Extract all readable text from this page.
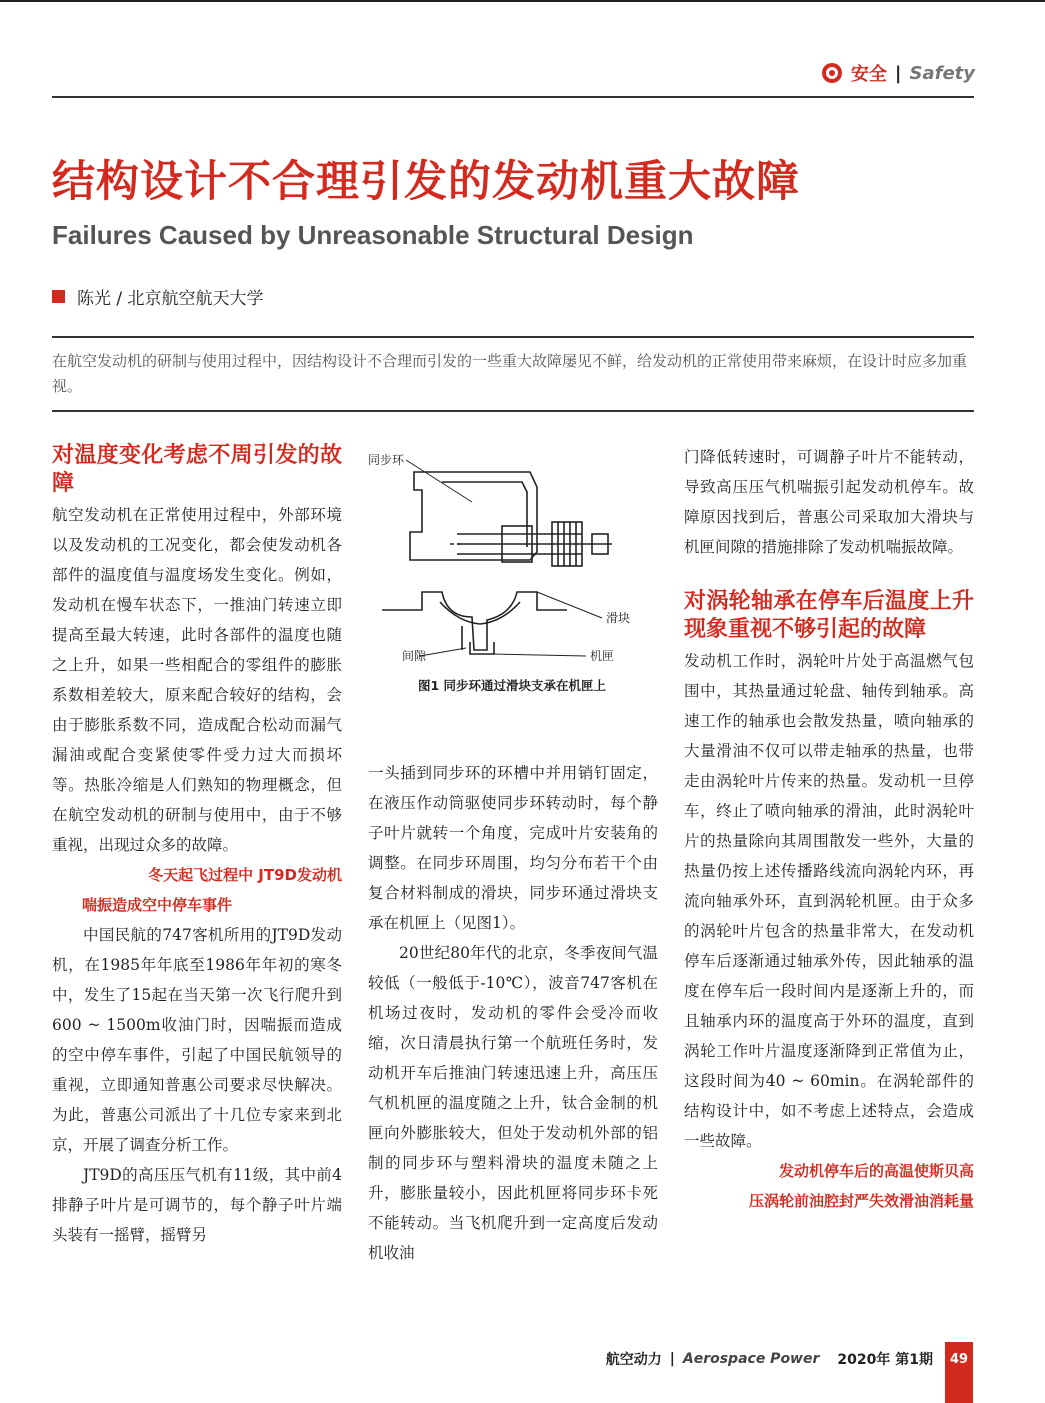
安全 | Safety
结构设计不合理引发的发动机重大故障
Failures Caused by Unreasonable Structural Design
陈光 / 北京航空航天大学

在航空发动机的研制与使用过程中，因结构设计不合理而引发的一些重大故障屡见不鲜，给发动机的正常使用带来麻烦，在设计时应多加重视。

对温度变化考虑不周引发的故障

航空发动机在正常使用过程中，外部环境以及发动机的工况变化，都会使发动机各部件的温度值与温度场发生变化。例如，发动机在慢车状态下，一推油门转速立即提高至最大转速，此时各部件的温度也随之上升，如果一些相配合的零组件的膨胀系数相差较大，原来配合较好的结构，会由于膨胀系数不同，造成配合松动而漏气漏油或配合变紧使零件受力过大而损坏等。热胀冷缩是人们熟知的物理概念，但在航空发动机的研制与使用中，由于不够重视，出现过众多的故障。

冬天起飞过程中 JT9D发动机

喘振造成空中停车事件

中国民航的747客机所用的JT9D发动机，在1985年年底至1986年年初的寒冬中，发生了15起在当天第一次飞行爬升到600 ~ 1500m收油门时，因喘振而造成的空中停车事件，引起了中国民航领导的重视，立即通知普惠公司要求尽快解决。为此，普惠公司派出了十几位专家来到北京，开展了调查分析工作。

JT9D的高压压气机有11级，其中前4排静子叶片是可调节的，每个静子叶片端头装有一摇臂，摇臂另

同步环
滑块
间隙	机匣

图1 同步环通过滑块支承在机匣上

一头插到同步环的环槽中并用销钉固定，在液压作动筒驱使同步环转动时，每个静子叶片就转一个角度，完成叶片安装角的调整。在同步环周围，均匀分布若干个由复合材料制成的滑块，同步环通过滑块支承在机匣上（见图1）。

20世纪80年代的北京，冬季夜间气温较低（一般低于-10℃），波音747客机在机场过夜时，发动机的零件会受冷而收缩，次日清晨执行第一个航班任务时，发动机开车后推油门转速迅速上升，高压压气机机匣的温度随之上升，钛合金制的机匣向外膨胀较大，但处于发动机外部的铝制的同步环与塑料滑块的温度未随之上升，膨胀量较小，因此机匣将同步环卡死不能转动。当飞机爬升到一定高度后发动机收油

门降低转速时，可调静子叶片不能转动，导致高压压气机喘振引起发动机停车。故障原因找到后，普惠公司采取加大滑块与机匣间隙的措施排除了发动机喘振故障。

对涡轮轴承在停车后温度上升现象重视不够引起的故障

发动机工作时，涡轮叶片处于高温燃气包围中，其热量通过轮盘、轴传到轴承。高速工作的轴承也会散发热量，喷向轴承的大量滑油不仅可以带走轴承的热量，也带走由涡轮叶片传来的热量。发动机一旦停车，终止了喷向轴承的滑油，此时涡轮叶片的热量除向其周围散发一些外，大量的热量仍按上述传播路线流向涡轮内环，再流向轴承外环，直到涡轮机匣。由于众多的涡轮叶片包含的热量非常大，在发动机停车后逐渐通过轴承外传，因此轴承的温度在停车后一段时间内是逐渐上升的，而且轴承内环的温度高于外环的温度，直到涡轮工作叶片温度逐渐降到正常值为止，这段时间为40 ~ 60min。在涡轮部件的结构设计中，如不考虑上述特点，会造成一些故障。

发动机停车后的高温使斯贝高

压涡轮前油腔封严失效滑油消耗量

航空动力 | Aerospace Power 2020年 第1期	49
